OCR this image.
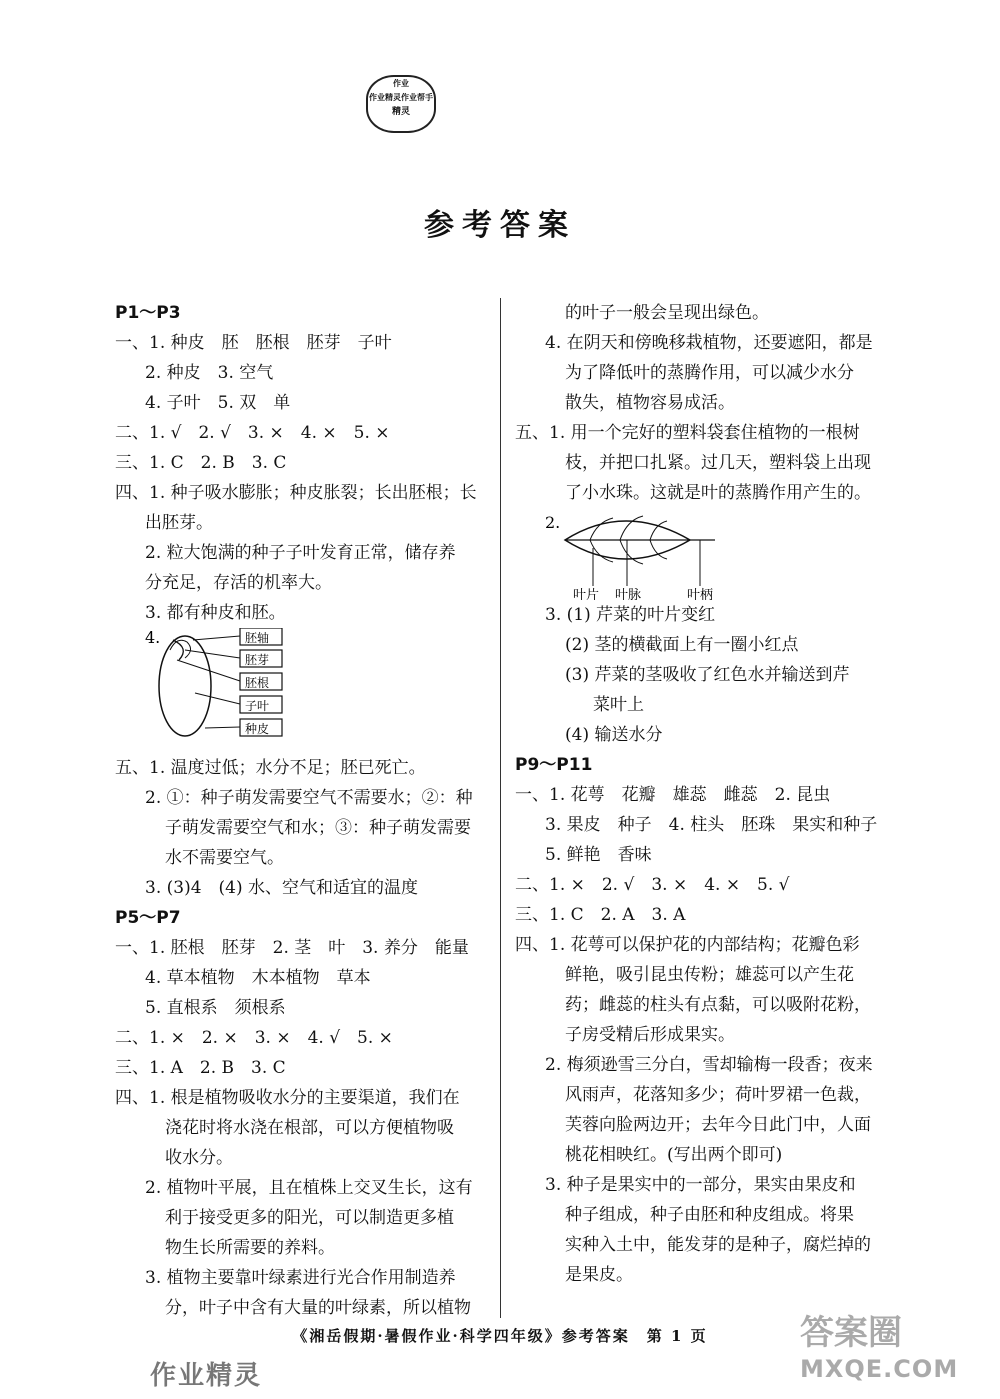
作业
作业精灵作业帮手
精灵
参考答案
P1～P3
一、1. 种皮　胚　胚根　胚芽　子叶
2. 种皮　3. 空气
4. 子叶　5. 双　单
二、1. √　2. √　3. ×　4. ×　5. ×
三、1. C　2. B　3. C
四、1. 种子吸水膨胀；种皮胀裂；长出胚根；长
出胚芽。
2. 粒大饱满的种子子叶发育正常，储存养
分充足，存活的机率大。
3. 都有种皮和胚。
4.	胚轴
胚芽
胚根
子叶
种皮
五、1. 温度过低；水分不足；胚已死亡。
2. ①：种子萌发需要空气不需要水；②：种
子萌发需要空气和水；③：种子萌发需要
水不需要空气。
3. (3)4　(4) 水、空气和适宜的温度
P5～P7
一、1. 胚根　胚芽　2. 茎　叶　3. 养分　能量
4. 草本植物　木本植物　草本
5. 直根系　须根系
二、1. ×　2. ×　3. ×　4. √　5. ×
三、1. A　2. B　3. C
四、1. 根是植物吸收水分的主要渠道，我们在
浇花时将水浇在根部，可以方便植物吸
收水分。
2. 植物叶平展，且在植株上交叉生长，这有
利于接受更多的阳光，可以制造更多植
物生长所需要的养料。
3. 植物主要靠叶绿素进行光合作用制造养
分，叶子中含有大量的叶绿素，所以植物
的叶子一般会呈现出绿色。
4. 在阴天和傍晚移栽植物，还要遮阳，都是
为了降低叶的蒸腾作用，可以减少水分
散失，植物容易成活。
五、1. 用一个完好的塑料袋套住植物的一根树
枝，并把口扎紧。过几天，塑料袋上出现
了小水珠。这就是叶的蒸腾作用产生的。
2.
叶片 叶脉	叶柄
3. (1) 芹菜的叶片变红
(2) 茎的横截面上有一圈小红点
(3) 芹菜的茎吸收了红色水并输送到芹
菜叶上
(4) 输送水分
P9～P11
一、1. 花萼　花瓣　雄蕊　雌蕊　2. 昆虫
3. 果皮　种子　4. 柱头　胚珠　果实和种子
5. 鲜艳　香味
二、1. ×　2. √　3. ×　4. ×　5. √
三、1. C　2. A　3. A
四、1. 花萼可以保护花的内部结构；花瓣色彩
鲜艳，吸引昆虫传粉；雄蕊可以产生花
药；雌蕊的柱头有点黏，可以吸附花粉，
子房受精后形成果实。
2. 梅须逊雪三分白，雪却输梅一段香；夜来
风雨声，花落知多少；荷叶罗裙一色裁，
芙蓉向脸两边开；去年今日此门中，人面
桃花相映红。(写出两个即可)
3. 种子是果实中的一部分，果实由果皮和
种子组成，种子由胚和种皮组成。将果
实种入土中，能发芽的是种子，腐烂掉的
是果皮。
《湘岳假期·暑假作业·科学四年级》参考答案　第 1 页
作业精灵
答案圈
MXQE.COM
